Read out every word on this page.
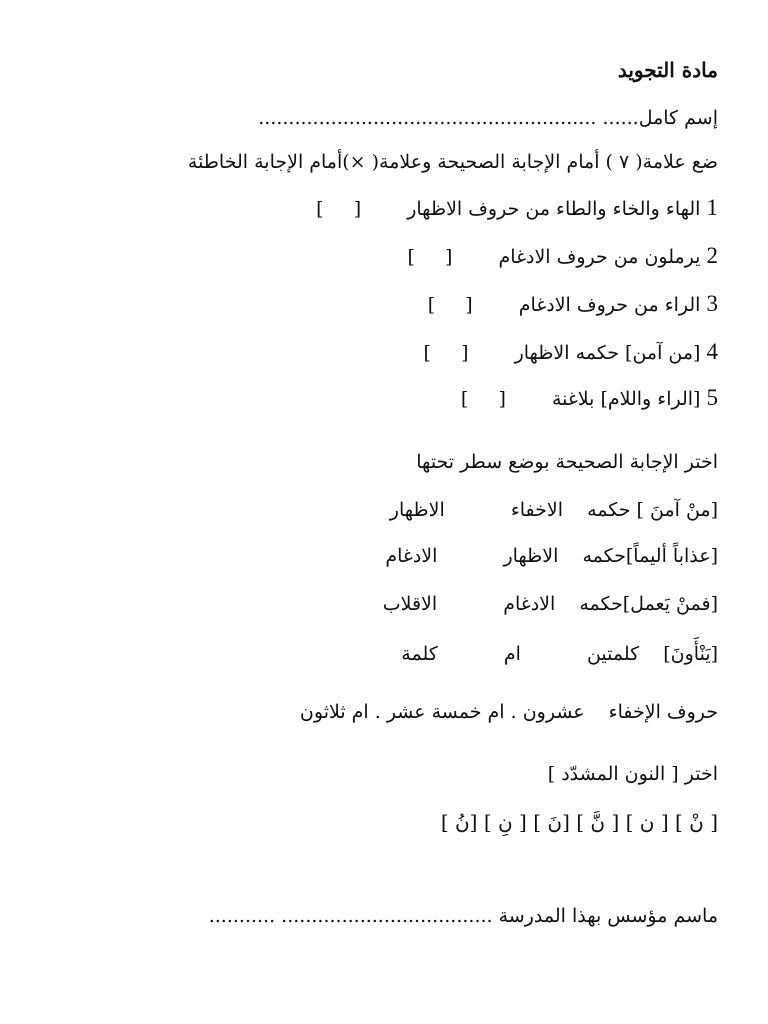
مادة التجويد
إسم كامل........................................................ ......
ضع علامة( ٧ ) أمام الإجابة الصحيحة وعلامة( ×)أمام الإجابة الخاطئة
1 الهاء والخاء والطاء من حروف الاظهار [     ]
2 يرملون من حروف الادغام [     ]
3 الراء من حروف الادغام [     ]
4 [من آمن] حكمه الاظهار [     ]
5 [الراء واللام] بلاغنة [     ]
اختر الإجابة الصحيحة بوضع سطر تحتها
[منْ آمنَ ] حكمه الاخفاء الاظهار
[عذاباً أليماً]حكمه الاظهار الادغام
[فمنْ يَعمل]حكمه الادغام الاقلاب
[يَنْأَونَ] كلمتين ام كلمة
حروف الإخفاء عشرون . ام خمسة عشر . ام ثلاثون
اختر [ النون المشدّد ]
[ نْ ] [ ن ] [ نَّ ] [نَ ] [ نِ ] [نُ ]
ماسم مؤسس بهذا المدرسة ........... ...................................
